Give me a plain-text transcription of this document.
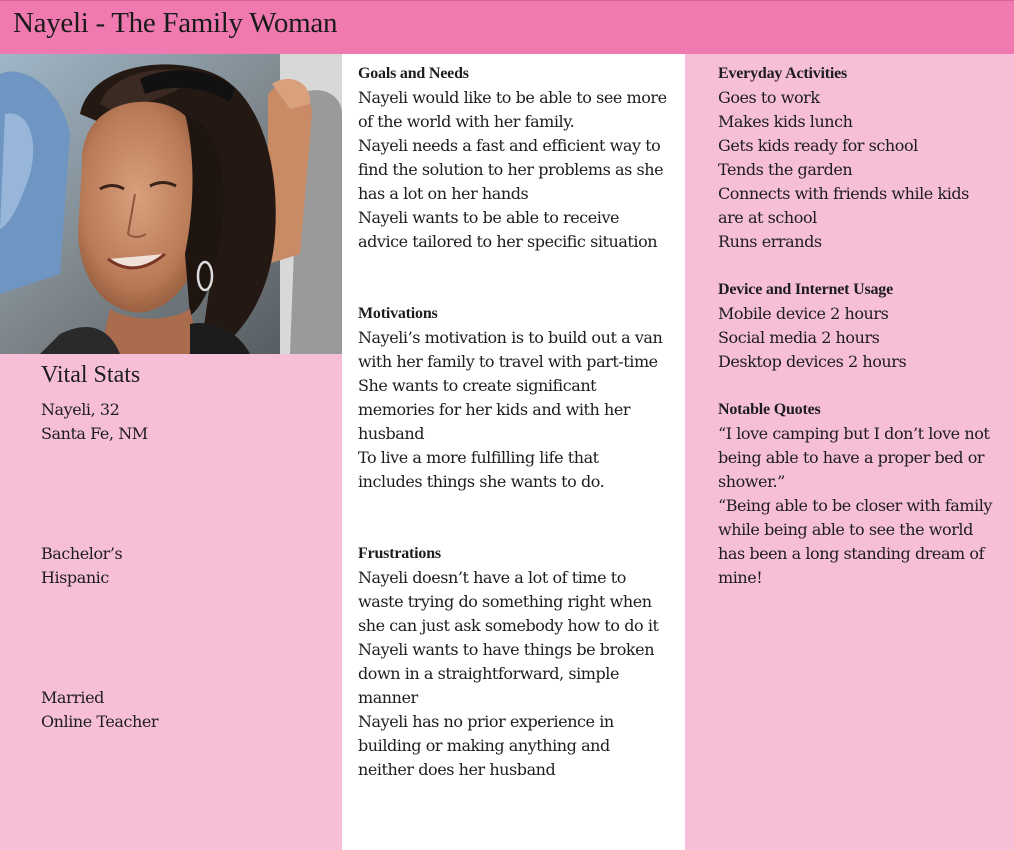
Nayeli - The Family Woman
Vital Stats
Nayeli, 32
Santa Fe, NM
Bachelor’s
Hispanic
Married
Online Teacher
Goals and Needs
Nayeli would like to be able to see more
of the world with her family.
Nayeli needs a fast and efficient way to
find the solution to her problems as she
has a lot on her hands
Nayeli wants to be able to receive
advice tailored to her specific situation
Motivations
Nayeli’s motivation is to build out a van
with her family to travel with part-time
She wants to create significant
memories for her kids and with her
husband
To live a more fulfilling life that
includes things she wants to do.
Frustrations
Nayeli doesn’t have a lot of time to
waste trying do something right when
she can just ask somebody how to do it
Nayeli wants to have things be broken
down in a straightforward, simple
manner
Nayeli has no prior experience in
building or making anything and
neither does her husband
Everyday Activities
Goes to work
Makes kids lunch
Gets kids ready for school
Tends the garden
Connects with friends while kids
are at school
Runs errands
Device and Internet Usage
Mobile device 2 hours
Social media 2 hours
Desktop devices 2 hours
Notable Quotes
“I love camping but I don’t love not
being able to have a proper bed or
shower.”
“Being able to be closer with family
while being able to see the world
has been a long standing dream of
mine!
